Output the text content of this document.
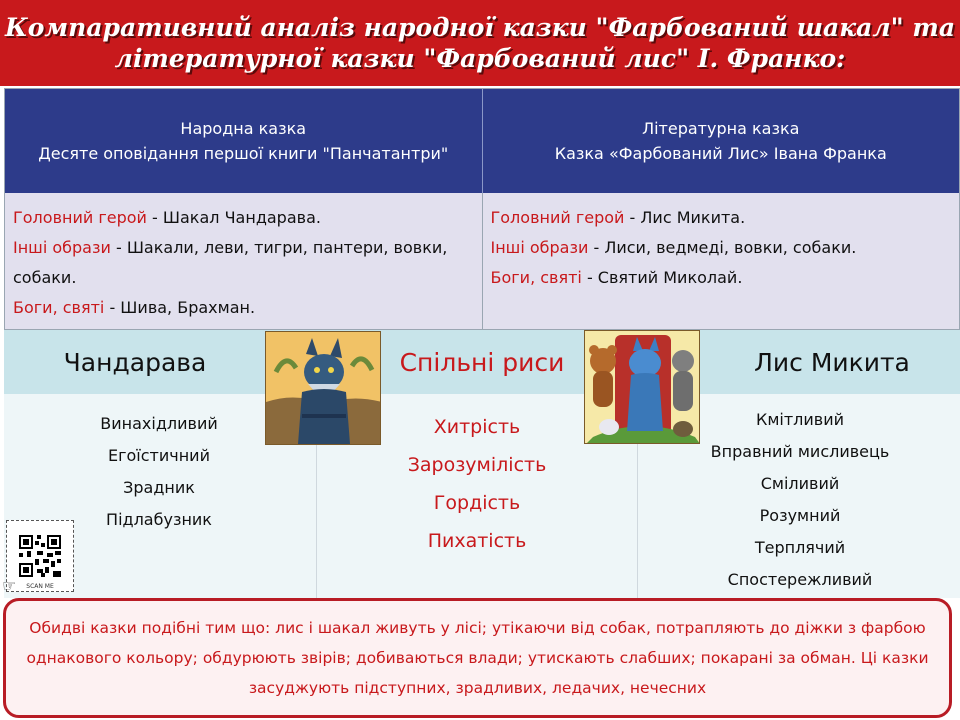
Компаративний аналіз народної казки "Фарбований шакал" та
літературної казки "Фарбований лис" І. Франко:
Народна казка
Десяте оповідання першої книги "Панчатантри"
Літературна казка
Казка «Фарбований Лис» Івана Франка
Головний герой - Шакал Чандарава.
Інші образи - Шакали, леви, тигри, пантери, вовки, собаки.
Боги, святі - Шива, Брахман.
Головний герой - Лис Микита.
Інші образи - Лиси, ведмеді, вовки, собаки.
Боги, святі - Святий Миколай.
Чандарава	Спільні риси	Лис Микита
Винахідливий
Егоїстичний
Зрадник
Підлабузник
Хитрість
Зарозумілість
Гордість
Пихатість
Кмітливий
Вправний мисливець
Сміливий
Розумний
Терплячий
Спостережливий
SCAN ME
☞

Обидві казки подібні тим що: лис і шакал живуть у лісі; утікаючи від собак, потрапляють до діжки з фарбою однакового кольору; обдурюють звірів; добиваються влади; утискають слабших; покарані за обман. Ці казки засуджують підступних, зрадливих, ледачих, нечесних
